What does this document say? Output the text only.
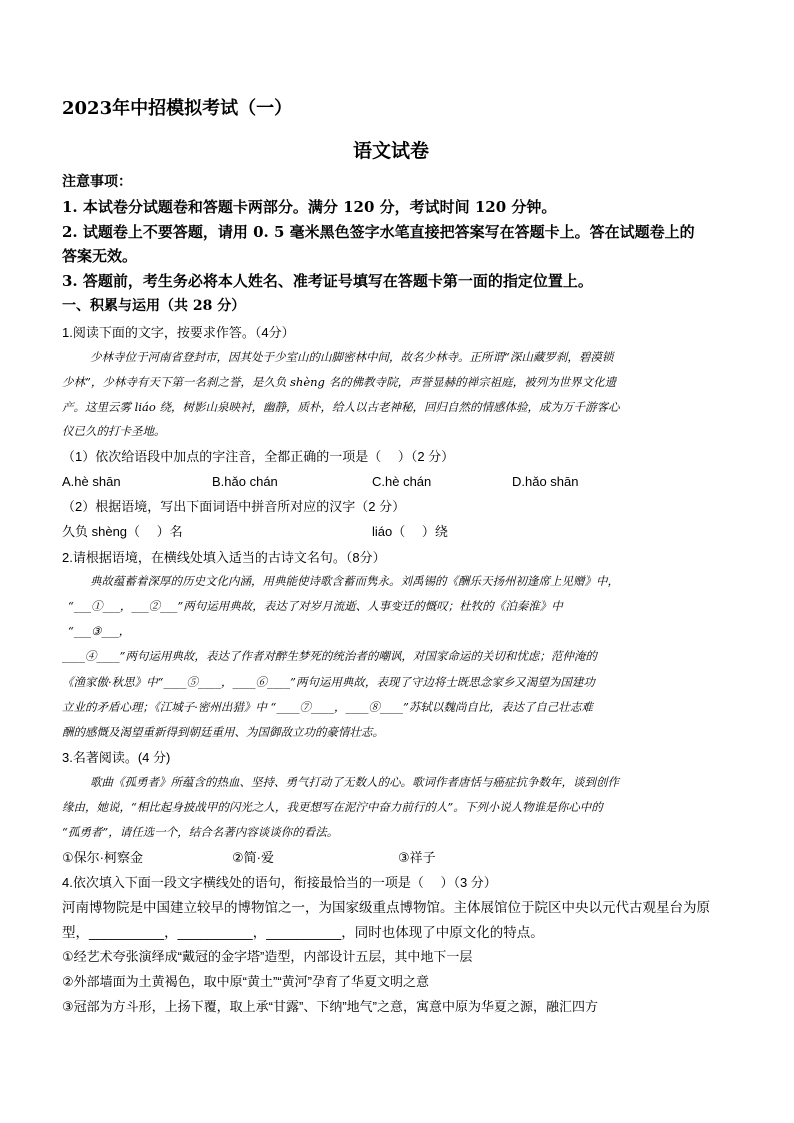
2023年中招模拟考试（一）
语文试卷
注意事项：
1. 本试卷分试题卷和答题卡两部分。满分 120 分，考试时间 120 分钟。
2. 试题卷上不要答题，请用 0. 5 毫米黑色签字水笔直接把答案写在答题卡上。答在试题卷上的
答案无效。
3. 答题前，考生务必将本人姓名、准考证号填写在答题卡第一面的指定位置上。
一、积累与运用（共 28 分）
1.阅读下面的文字，按要求作答。（4分）
少林寺位于河南省登封市，因其处于少室山的山脚密林中间，故名少林寺。正所谓“深山藏罗刹，碧漠锁
少林”，少林寺有天下第一名刹之誉，是久负 shèng 名的佛教寺院，声誉显赫的禅宗祖庭，被列为世界文化遗
产。这里云雾 liáo 绕，树影山泉映衬，幽静，质朴，给人以古老神秘，回归自然的情感体验，成为万千游客心
仪已久的打卡圣地。
（1）依次给语段中加点的字注音，全都正确的一项是（　 ）（2 分）
A.hè shān	B.hǎo chán	C.hè chán	D.hǎo shān
（2）根据语境，写出下面词语中拼音所对应的汉字（2 分）
久负 shèng（　 ）名	liáo（　 ）绕
2.请根据语境，在横线处填入适当的古诗文名句。（8分）
典故蕴蓄着深厚的历史文化内涵，用典能使诗歌含蓄而隽永。刘禹锡的《酬乐天扬州初逢席上见赠》中，
“___①___，___②___”两句运用典故，表达了对岁月流逝、人事变迁的慨叹；杜牧的《泊秦淮》中
“___③___，
____④____”两句运用典故，表达了作者对醉生梦死的统治者的嘲讽，对国家命运的关切和忧虑；范仲淹的
《渔家傲·秋思》中“____⑤____，____⑥____”两句运用典故，表现了守边将士既思念家乡又渴望为国建功
立业的矛盾心理；《江城子·密州出猎》中 “____⑦____，____⑧____”苏轼以魏尚自比，表达了自己壮志难
酬的感慨及渴望重新得到朝廷重用、为国御敌立功的豪情壮志。
3.名著阅读。(4 分)
歌曲《孤勇者》所蕴含的热血、坚持、勇气打动了无数人的心。歌词作者唐恬与癌症抗争数年，谈到创作
缘由，她说，“相比起身披战甲的闪光之人，我更想写在泥泞中奋力前行的人”。下列小说人物谁是你心中的
“孤勇者”，请任选一个，结合名著内容谈谈你的看法。
①保尔·柯察金	②简·爱	③祥子
4.依次填入下面一段文字横线处的语句，衔接最恰当的一项是（　 ）（3 分）
河南博物院是中国建立较早的博物馆之一，为国家级重点博物馆。主体展馆位于院区中央以元代古观星台为原
型，__________，__________，__________，同时也体现了中原文化的特点。
①经艺术夸张演绎成“戴冠的金字塔”造型，内部设计五层，其中地下一层
②外部墙面为土黄褐色，取中原“黄土”“黄河”孕育了华夏文明之意
③冠部为方斗形，上扬下覆，取上承“甘露”、下纳”地气”之意，寓意中原为华夏之源，融汇四方
